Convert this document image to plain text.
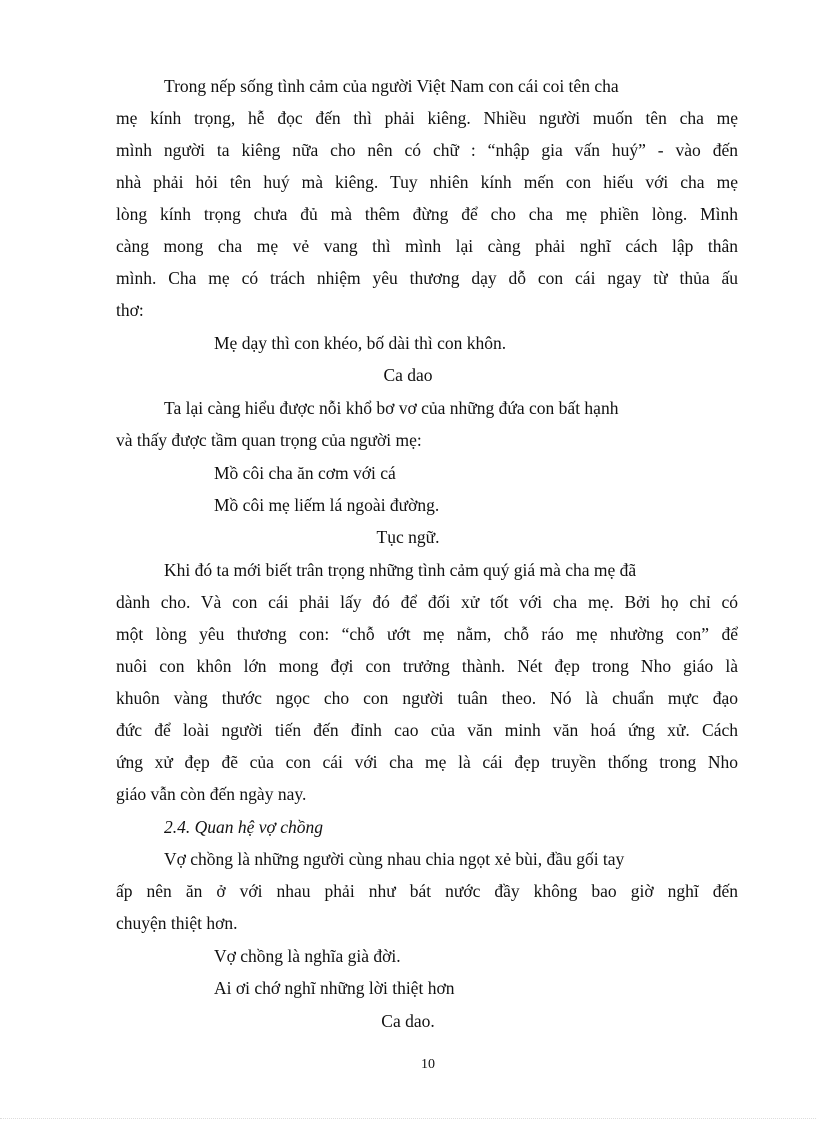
Trong nếp sống tình cảm của người Việt Nam con cái coi tên cha
mẹ kính trọng, hễ đọc đến thì phải kiêng. Nhiều người muốn tên cha mẹ
mình người ta kiêng nữa cho nên có chữ : “nhập gia vấn huý” - vào đến
nhà phải hỏi tên huý mà kiêng. Tuy nhiên kính mến con hiếu với cha mẹ
lòng kính trọng chưa đủ mà thêm đừng để cho cha mẹ phiền lòng. Mình
càng mong cha mẹ vẻ vang thì mình lại càng phải nghĩ cách lập thân
mình. Cha mẹ có trách nhiệm yêu thương dạy dỗ con cái ngay từ thủa ấu
thơ:
Mẹ dạy thì con khéo, bố dài thì con khôn.
Ca dao
Ta lại càng hiểu được nỗi khổ bơ vơ của những đứa con bất hạnh
và thấy được tầm quan trọng của người mẹ:
Mồ côi cha ăn cơm với cá
Mồ côi mẹ liếm lá ngoài đường.
Tục ngữ.
Khi đó ta mới biết trân trọng những tình cảm quý giá mà cha mẹ đã
dành cho. Và con cái phải lấy đó để đối xử tốt với cha mẹ. Bởi họ chỉ có
một lòng yêu thương con: “chỗ ướt mẹ nằm, chỗ ráo mẹ nhường con” để
nuôi con khôn lớn mong đợi con trưởng thành. Nét đẹp trong Nho giáo là
khuôn vàng thước ngọc cho con người tuân theo. Nó là chuẩn mực đạo
đức để loài người tiến đến đỉnh cao của văn minh văn hoá ứng xử. Cách
ứng xử đẹp đẽ của con cái với cha mẹ là cái đẹp truyền thống trong Nho
giáo vẫn còn đến ngày nay.
2.4. Quan hệ vợ chồng
Vợ chồng là những người cùng nhau chia ngọt xẻ bùi, đầu gối tay
ấp nên ăn ở với nhau phải như bát nước đầy không bao giờ nghĩ đến
chuyện thiệt hơn.
Vợ chồng là nghĩa già đời.
Ai ơi chớ nghĩ những lời thiệt hơn
Ca dao.
10
